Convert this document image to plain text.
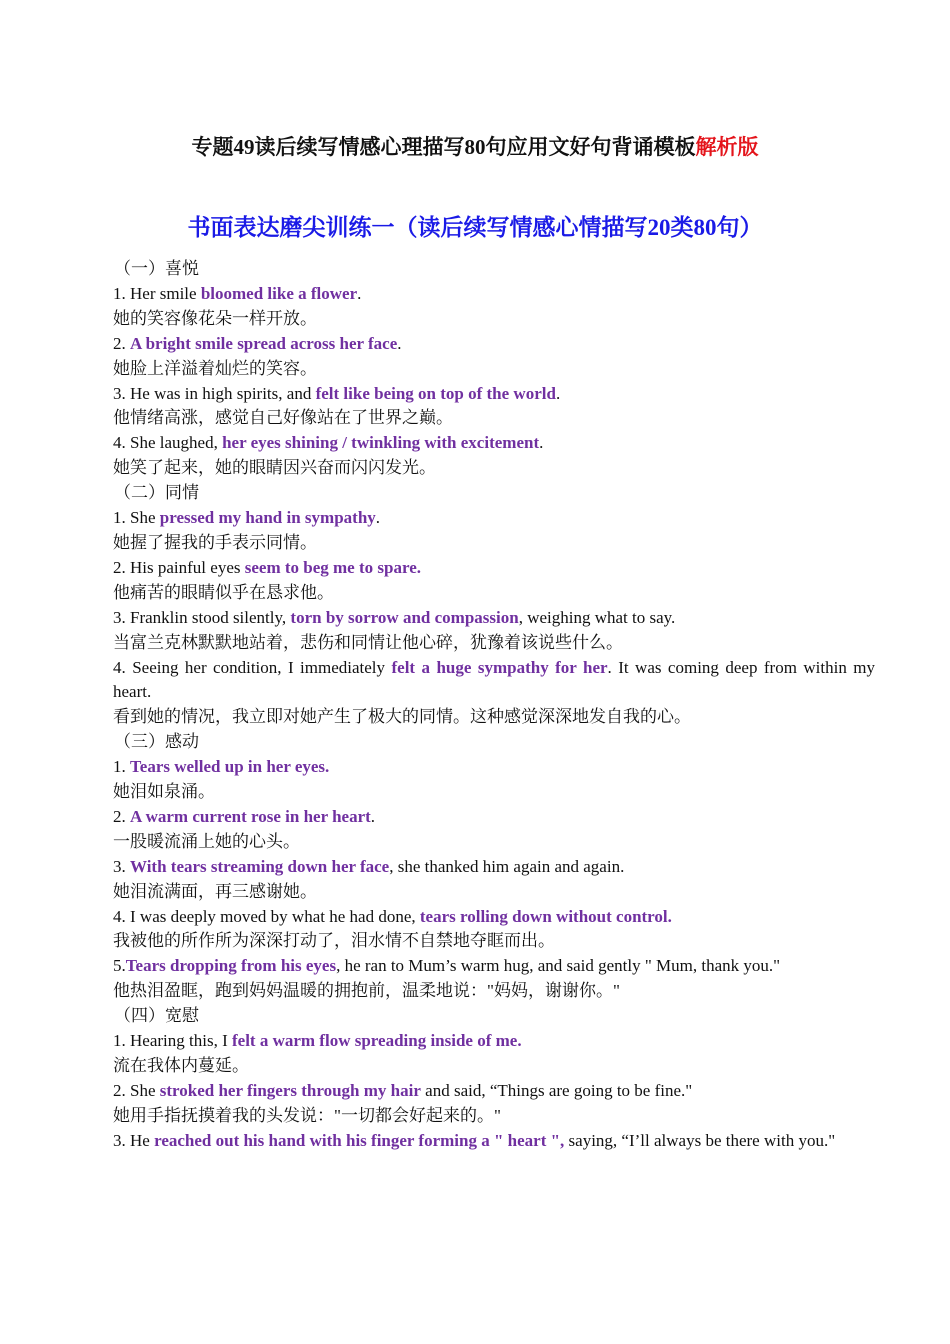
专题49读后续写情感心理描写80句应用文好句背诵模板解析版
书面表达磨尖训练一（读后续写情感心情描写20类80句）
（一）喜悦
1. Her smile bloomed like a flower.
她的笑容像花朵一样开放。
2. A bright smile spread across her face.
她脸上洋溢着灿烂的笑容。
3. He was in high spirits, and felt like being on top of the world.
他情绪高涨，感觉自己好像站在了世界之巅。
4. She laughed, her eyes shining / twinkling with excitement.
她笑了起来，她的眼睛因兴奋而闪闪发光。
（二）同情
1. She pressed my hand in sympathy.
她握了握我的手表示同情。
2. His painful eyes seem to beg me to spare.
他痛苦的眼睛似乎在恳求他。
3. Franklin stood silently, torn by sorrow and compassion, weighing what to say.
当富兰克林默默地站着，悲伤和同情让他心碎，犹豫着该说些什么。
4. Seeing her condition, I immediately felt a huge sympathy for her. It was coming deep from within my heart.
看到她的情况，我立即对她产生了极大的同情。这种感觉深深地发自我的心。
（三）感动
1. Tears welled up in her eyes.
她泪如泉涌。
2. A warm current rose in her heart.
一股暖流涌上她的心头。
3. With tears streaming down her face, she thanked him again and again.
她泪流满面，再三感谢她。
4. I was deeply moved by what he had done, tears rolling down without control.
我被他的所作所为深深打动了，泪水情不自禁地夺眶而出。
5.Tears dropping from his eyes, he ran to Mum’s warm hug, and said gently " Mum, thank you."
他热泪盈眶，跑到妈妈温暖的拥抱前，温柔地说："妈妈，谢谢你。"
（四）宽慰
1. Hearing this, I felt a warm flow spreading inside of me.
流在我体内蔓延。
2. She stroked her fingers through my hair and said, “Things are going to be fine."
她用手指抚摸着我的头发说："一切都会好起来的。"
3. He reached out his hand with his finger forming a " heart ", saying, “I’ll always be there with you."
